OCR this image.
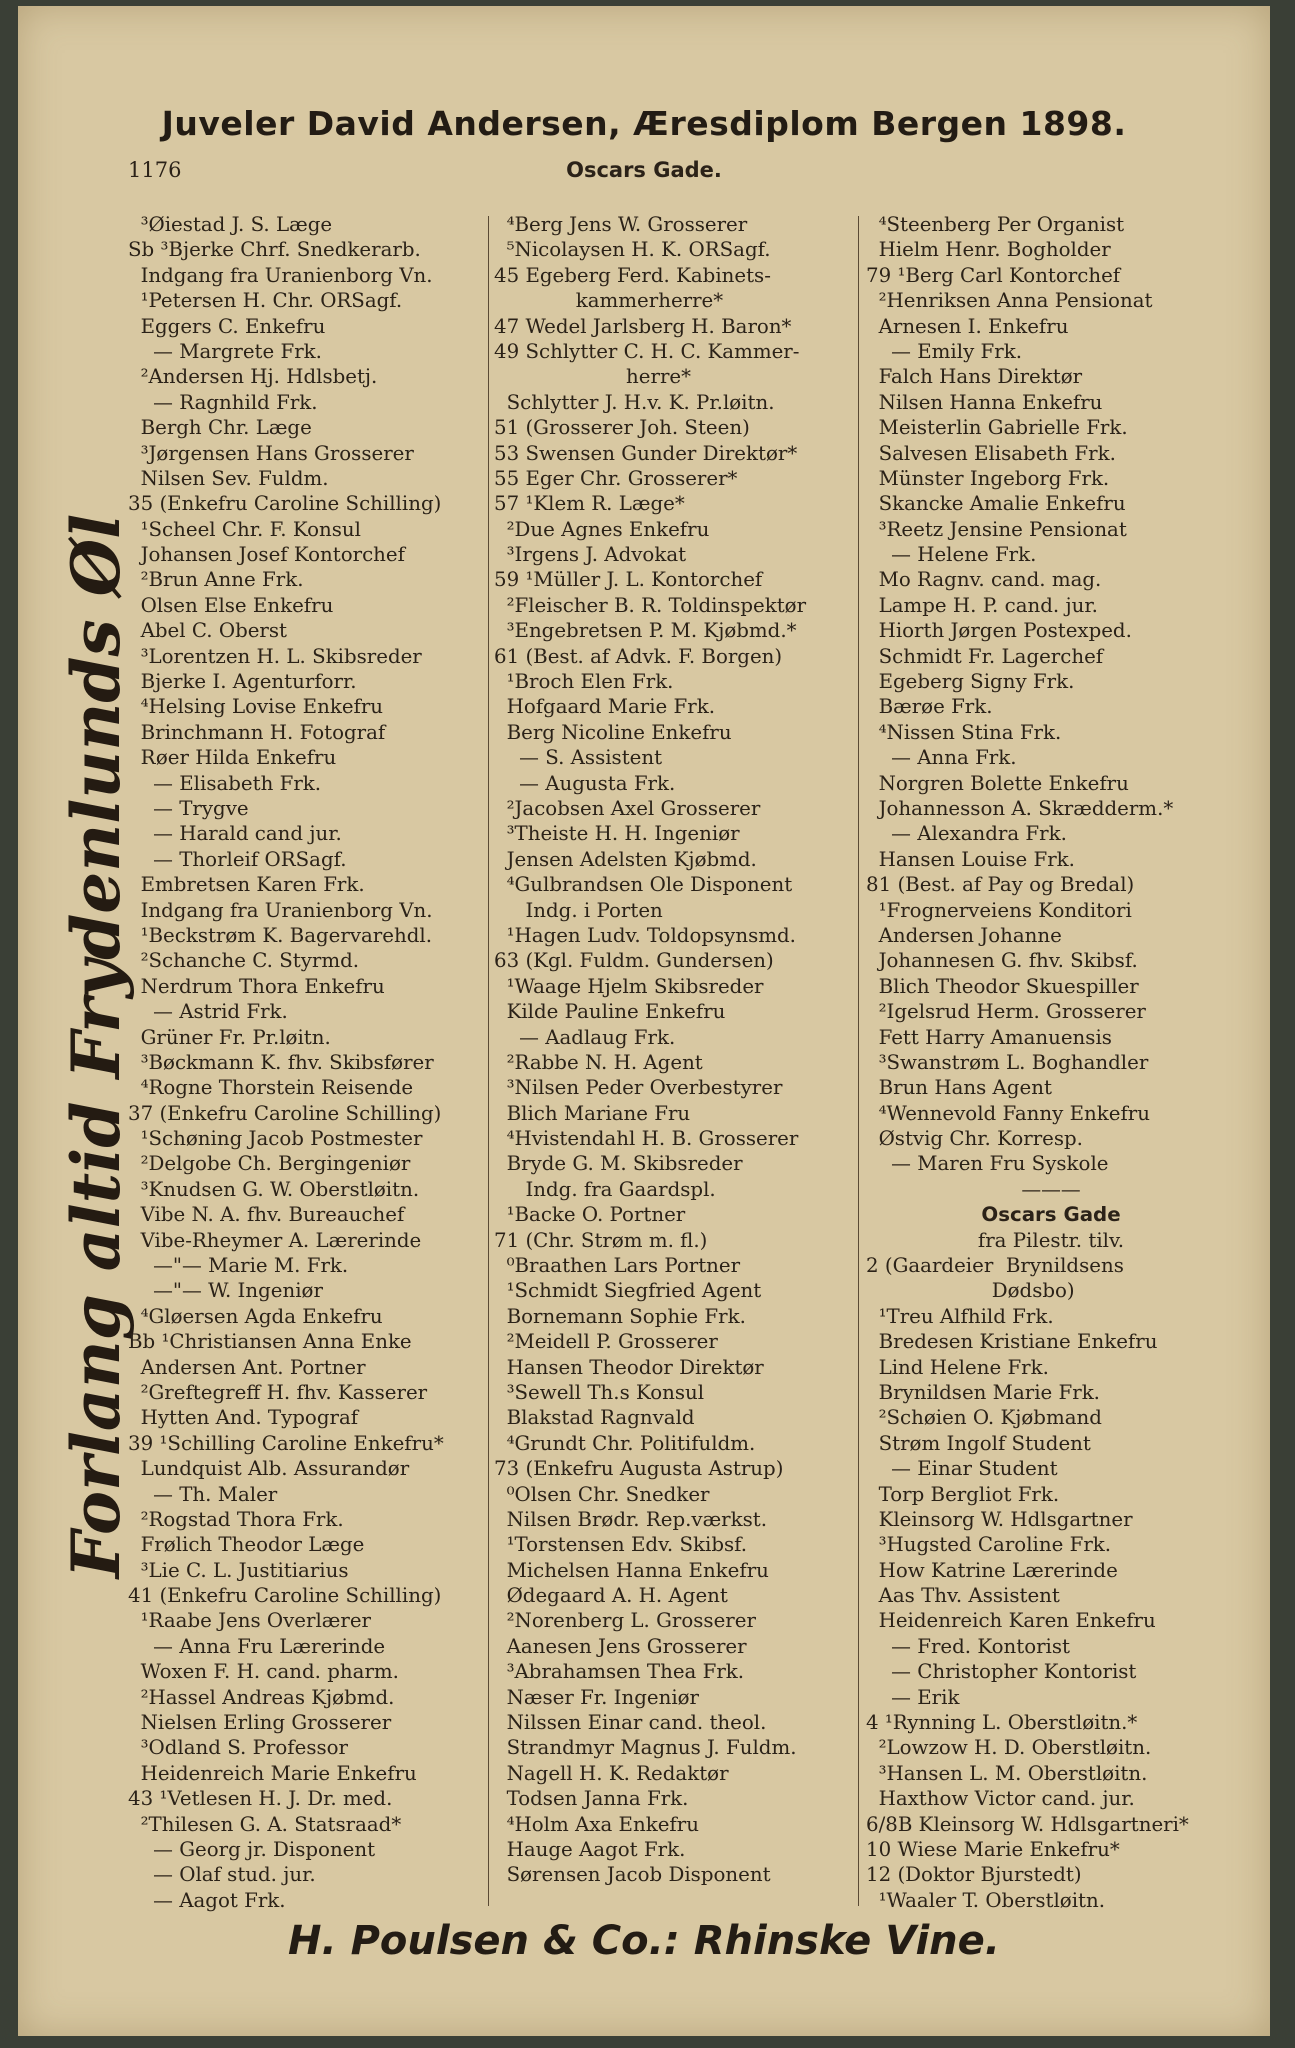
Juveler David Andersen, Æresdiplom Bergen 1898.
1176	Oscars Gade.
Forlang altid Frydenlunds Øl
³Øiestad J. S. Læge
Sb ³Bjerke Chrf. Snedkerarb.
Indgang fra Uranienborg Vn.
¹Petersen H. Chr. ORSagf.
Eggers C. Enkefru
— Margrete Frk.
²Andersen Hj. Hdlsbetj.
— Ragnhild Frk.
Bergh Chr. Læge
³Jørgensen Hans Grosserer
Nilsen Sev. Fuldm.
35 (Enkefru Caroline Schilling)
¹Scheel Chr. F. Konsul
Johansen Josef Kontorchef
²Brun Anne Frk.
Olsen Else Enkefru
Abel C. Oberst
³Lorentzen H. L. Skibsreder
Bjerke I. Agenturforr.
⁴Helsing Lovise Enkefru
Brinchmann H. Fotograf
Røer Hilda Enkefru
— Elisabeth Frk.
— Trygve
— Harald cand jur.
— Thorleif ORSagf.
Embretsen Karen Frk.
Indgang fra Uranienborg Vn.
¹Beckstrøm K. Bagervarehdl.
²Schanche C. Styrmd.
Nerdrum Thora Enkefru
— Astrid Frk.
Grüner Fr. Pr.løitn.
³Bøckmann K. fhv. Skibsfører
⁴Rogne Thorstein Reisende
37 (Enkefru Caroline Schilling)
¹Schøning Jacob Postmester
²Delgobe Ch. Bergingeniør
³Knudsen G. W. Oberstløitn.
Vibe N. A. fhv. Bureauchef
Vibe-Rheymer A. Lærerinde
—"— Marie M. Frk.
—"— W. Ingeniør
⁴Gløersen Agda Enkefru
Bb ¹Christiansen Anna Enke
Andersen Ant. Portner
²Greftegreff H. fhv. Kasserer
Hytten And. Typograf
39 ¹Schilling Caroline Enkefru*
Lundquist Alb. Assurandør
— Th. Maler
²Rogstad Thora Frk.
Frølich Theodor Læge
³Lie C. L. Justitiarius
41 (Enkefru Caroline Schilling)
¹Raabe Jens Overlærer
— Anna Fru Lærerinde
Woxen F. H. cand. pharm.
²Hassel Andreas Kjøbmd.
Nielsen Erling Grosserer
³Odland S. Professor
Heidenreich Marie Enkefru
43 ¹Vetlesen H. J. Dr. med.
²Thilesen G. A. Statsraad*
— Georg jr. Disponent
— Olaf stud. jur.
— Aagot Frk.
⁴Berg Jens W. Grosserer
⁵Nicolaysen H. K. ORSagf.
45 Egeberg Ferd. Kabinets-
kammerherre*
47 Wedel Jarlsberg H. Baron*
49 Schlytter C. H. C. Kammer-
herre*
Schlytter J. H.v. K. Pr.løitn.
51 (Grosserer Joh. Steen)
53 Swensen Gunder Direktør*
55 Eger Chr. Grosserer*
57 ¹Klem R. Læge*
²Due Agnes Enkefru
³Irgens J. Advokat
59 ¹Müller J. L. Kontorchef
²Fleischer B. R. Toldinspektør
³Engebretsen P. M. Kjøbmd.*
61 (Best. af Advk. F. Borgen)
¹Broch Elen Frk.
Hofgaard Marie Frk.
Berg Nicoline Enkefru
— S. Assistent
— Augusta Frk.
²Jacobsen Axel Grosserer
³Theiste H. H. Ingeniør
Jensen Adelsten Kjøbmd.
⁴Gulbrandsen Ole Disponent
Indg. i Porten
¹Hagen Ludv. Toldopsynsmd.
63 (Kgl. Fuldm. Gundersen)
¹Waage Hjelm Skibsreder
Kilde Pauline Enkefru
— Aadlaug Frk.
²Rabbe N. H. Agent
³Nilsen Peder Overbestyrer
Blich Mariane Fru
⁴Hvistendahl H. B. Grosserer
Bryde G. M. Skibsreder
Indg. fra Gaardspl.
¹Backe O. Portner
71 (Chr. Strøm m. fl.)
⁰Braathen Lars Portner
¹Schmidt Siegfried Agent
Bornemann Sophie Frk.
²Meidell P. Grosserer
Hansen Theodor Direktør
³Sewell Th.s Konsul
Blakstad Ragnvald
⁴Grundt Chr. Politifuldm.
73 (Enkefru Augusta Astrup)
⁰Olsen Chr. Snedker
Nilsen Brødr. Rep.værkst.
¹Torstensen Edv. Skibsf.
Michelsen Hanna Enkefru
Ødegaard A. H. Agent
²Norenberg L. Grosserer
Aanesen Jens Grosserer
³Abrahamsen Thea Frk.
Næser Fr. Ingeniør
Nilssen Einar cand. theol.
Strandmyr Magnus J. Fuldm.
Nagell H. K. Redaktør
Todsen Janna Frk.
⁴Holm Axa Enkefru
Hauge Aagot Frk.
Sørensen Jacob Disponent
⁴Steenberg Per Organist
Hielm Henr. Bogholder
79 ¹Berg Carl Kontorchef
²Henriksen Anna Pensionat
Arnesen I. Enkefru
— Emily Frk.
Falch Hans Direktør
Nilsen Hanna Enkefru
Meisterlin Gabrielle Frk.
Salvesen Elisabeth Frk.
Münster Ingeborg Frk.
Skancke Amalie Enkefru
³Reetz Jensine Pensionat
— Helene Frk.
Mo Ragnv. cand. mag.
Lampe H. P. cand. jur.
Hiorth Jørgen Postexped.
Schmidt Fr. Lagerchef
Egeberg Signy Frk.
Bærøe Frk.
⁴Nissen Stina Frk.
— Anna Frk.
Norgren Bolette Enkefru
Johannesson A. Skrædderm.*
— Alexandra Frk.
Hansen Louise Frk.
81 (Best. af Pay og Bredal)
¹Frognerveiens Konditori
Andersen Johanne
Johannesen G. fhv. Skibsf.
Blich Theodor Skuespiller
²Igelsrud Herm. Grosserer
Fett Harry Amanuensis
³Swanstrøm L. Boghandler
Brun Hans Agent
⁴Wennevold Fanny Enkefru
Østvig Chr. Korresp.
— Maren Fru Syskole
———
Oscars Gade
fra Pilestr. tilv.
2 (Gaardeier  Brynildsens
Dødsbo)
¹Treu Alfhild Frk.
Bredesen Kristiane Enkefru
Lind Helene Frk.
Brynildsen Marie Frk.
²Schøien O. Kjøbmand
Strøm Ingolf Student
— Einar Student
Torp Bergliot Frk.
Kleinsorg W. Hdlsgartner
³Hugsted Caroline Frk.
How Katrine Lærerinde
Aas Thv. Assistent
Heidenreich Karen Enkefru
— Fred. Kontorist
— Christopher Kontorist
— Erik
4 ¹Rynning L. Oberstløitn.*
²Lowzow H. D. Oberstløitn.
³Hansen L. M. Oberstløitn.
Haxthow Victor cand. jur.
6/8B Kleinsorg W. Hdlsgartneri*
10 Wiese Marie Enkefru*
12 (Doktor Bjurstedt)
¹Waaler T. Oberstløitn.
H. Poulsen & Co.: Rhinske Vine.
